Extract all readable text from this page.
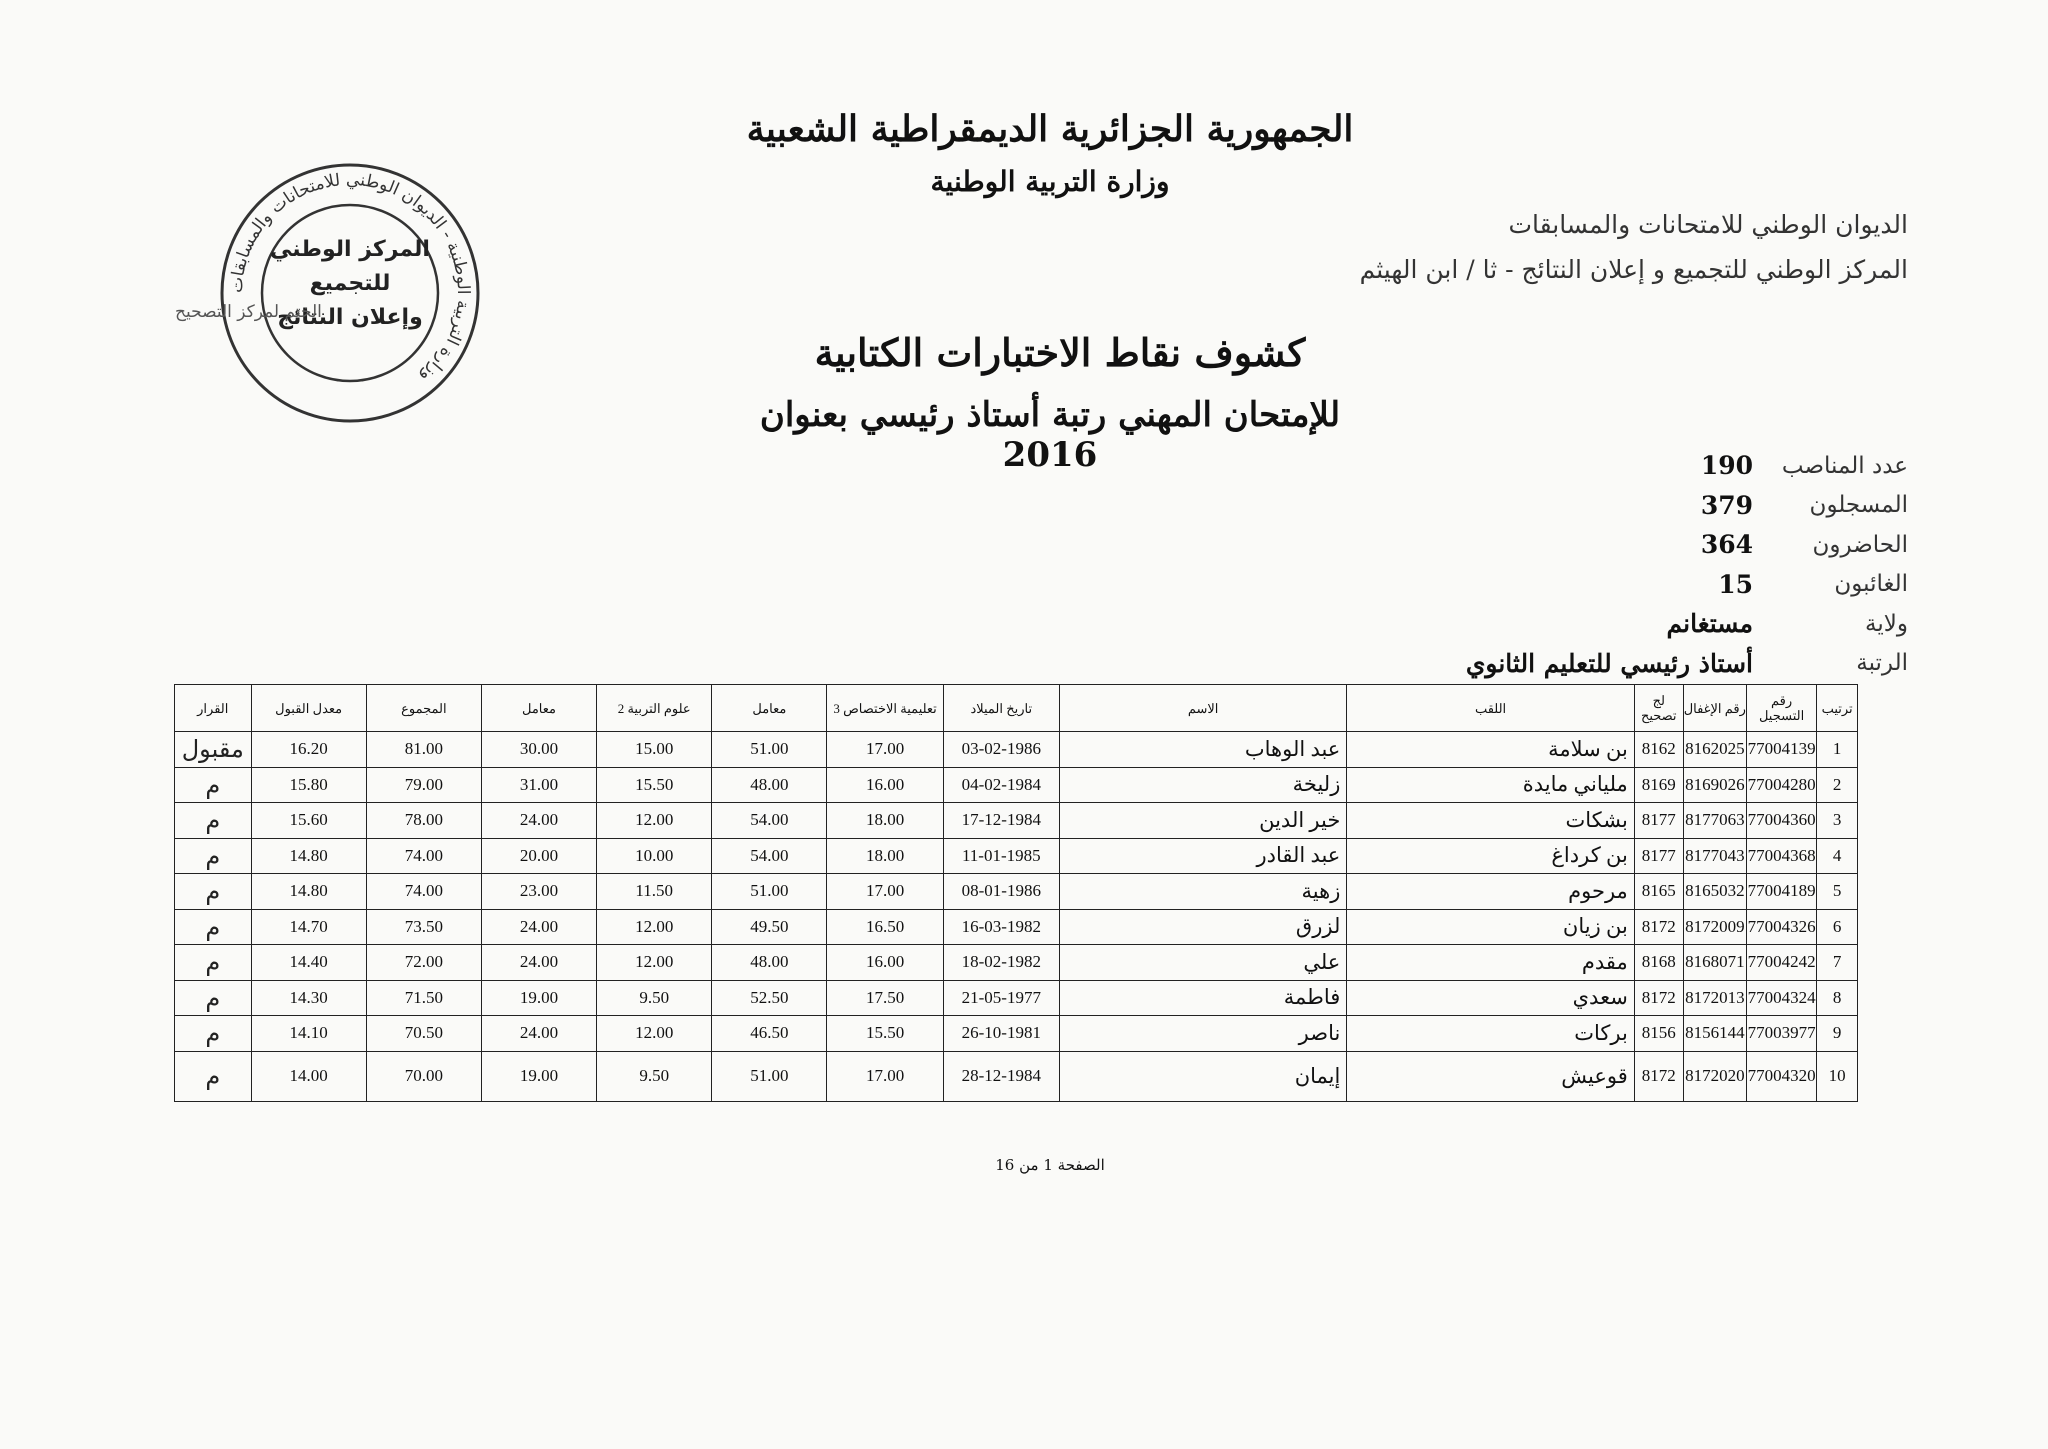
الجمهورية الجزائرية الديمقراطية الشعبية
وزارة التربية الوطنية
الديوان الوطني للامتحانات والمسابقات
المركز الوطني للتجميع و إعلان النتائج - ثا / ابن الهيثم
وزارة التربية الوطنية - الديوان الوطني للامتحانات والمسابقات
المركز الوطني للتجميع وإعلان النتائج
الختم لمركز التصحيح
كشوف نقاط الاختبارات الكتابية
للإمتحان المهني رتبة أستاذ رئيسي بعنوان 2016	عدد المناصب
190
المسجلون
379
الحاضرون
364
الغائبون
15
ولاية
مستغانم
الرتبة
أستاذ رئيسي للتعليم الثانوي
ترتيب	رقم التسجيل	رقم الإغفال	لج تصحيح	اللقب	الاسم	تاريخ الميلاد	تعليمية الاختصاص 3	معامل	علوم التربية 2	معامل	المجموع	معدل القبول	القرار
1	77004139	8162025	8162	بن سلامة	عبد الوهاب	03-02-1986	17.00	51.00	15.00	30.00	81.00	16.20	مقبول
2	77004280	8169026	8169	ملياني مايدة	زليخة	04-02-1984	16.00	48.00	15.50	31.00	79.00	15.80	م
3	77004360	8177063	8177	بشكات	خير الدين	17-12-1984	18.00	54.00	12.00	24.00	78.00	15.60	م
4	77004368	8177043	8177	بن كرداغ	عبد القادر	11-01-1985	18.00	54.00	10.00	20.00	74.00	14.80	م
5	77004189	8165032	8165	مرحوم	زهية	08-01-1986	17.00	51.00	11.50	23.00	74.00	14.80	م
6	77004326	8172009	8172	بن زيان	لزرق	16-03-1982	16.50	49.50	12.00	24.00	73.50	14.70	م
7	77004242	8168071	8168	مقدم	علي	18-02-1982	16.00	48.00	12.00	24.00	72.00	14.40	م
8	77004324	8172013	8172	سعدي	فاطمة	21-05-1977	17.50	52.50	9.50	19.00	71.50	14.30	م
9	77003977	8156144	8156	بركات	ناصر	26-10-1981	15.50	46.50	12.00	24.00	70.50	14.10	م
10	77004320	8172020	8172	قوعيش	إيمان	28-12-1984	17.00	51.00	9.50	19.00	70.00	14.00	م
الصفحة 1 من 16
